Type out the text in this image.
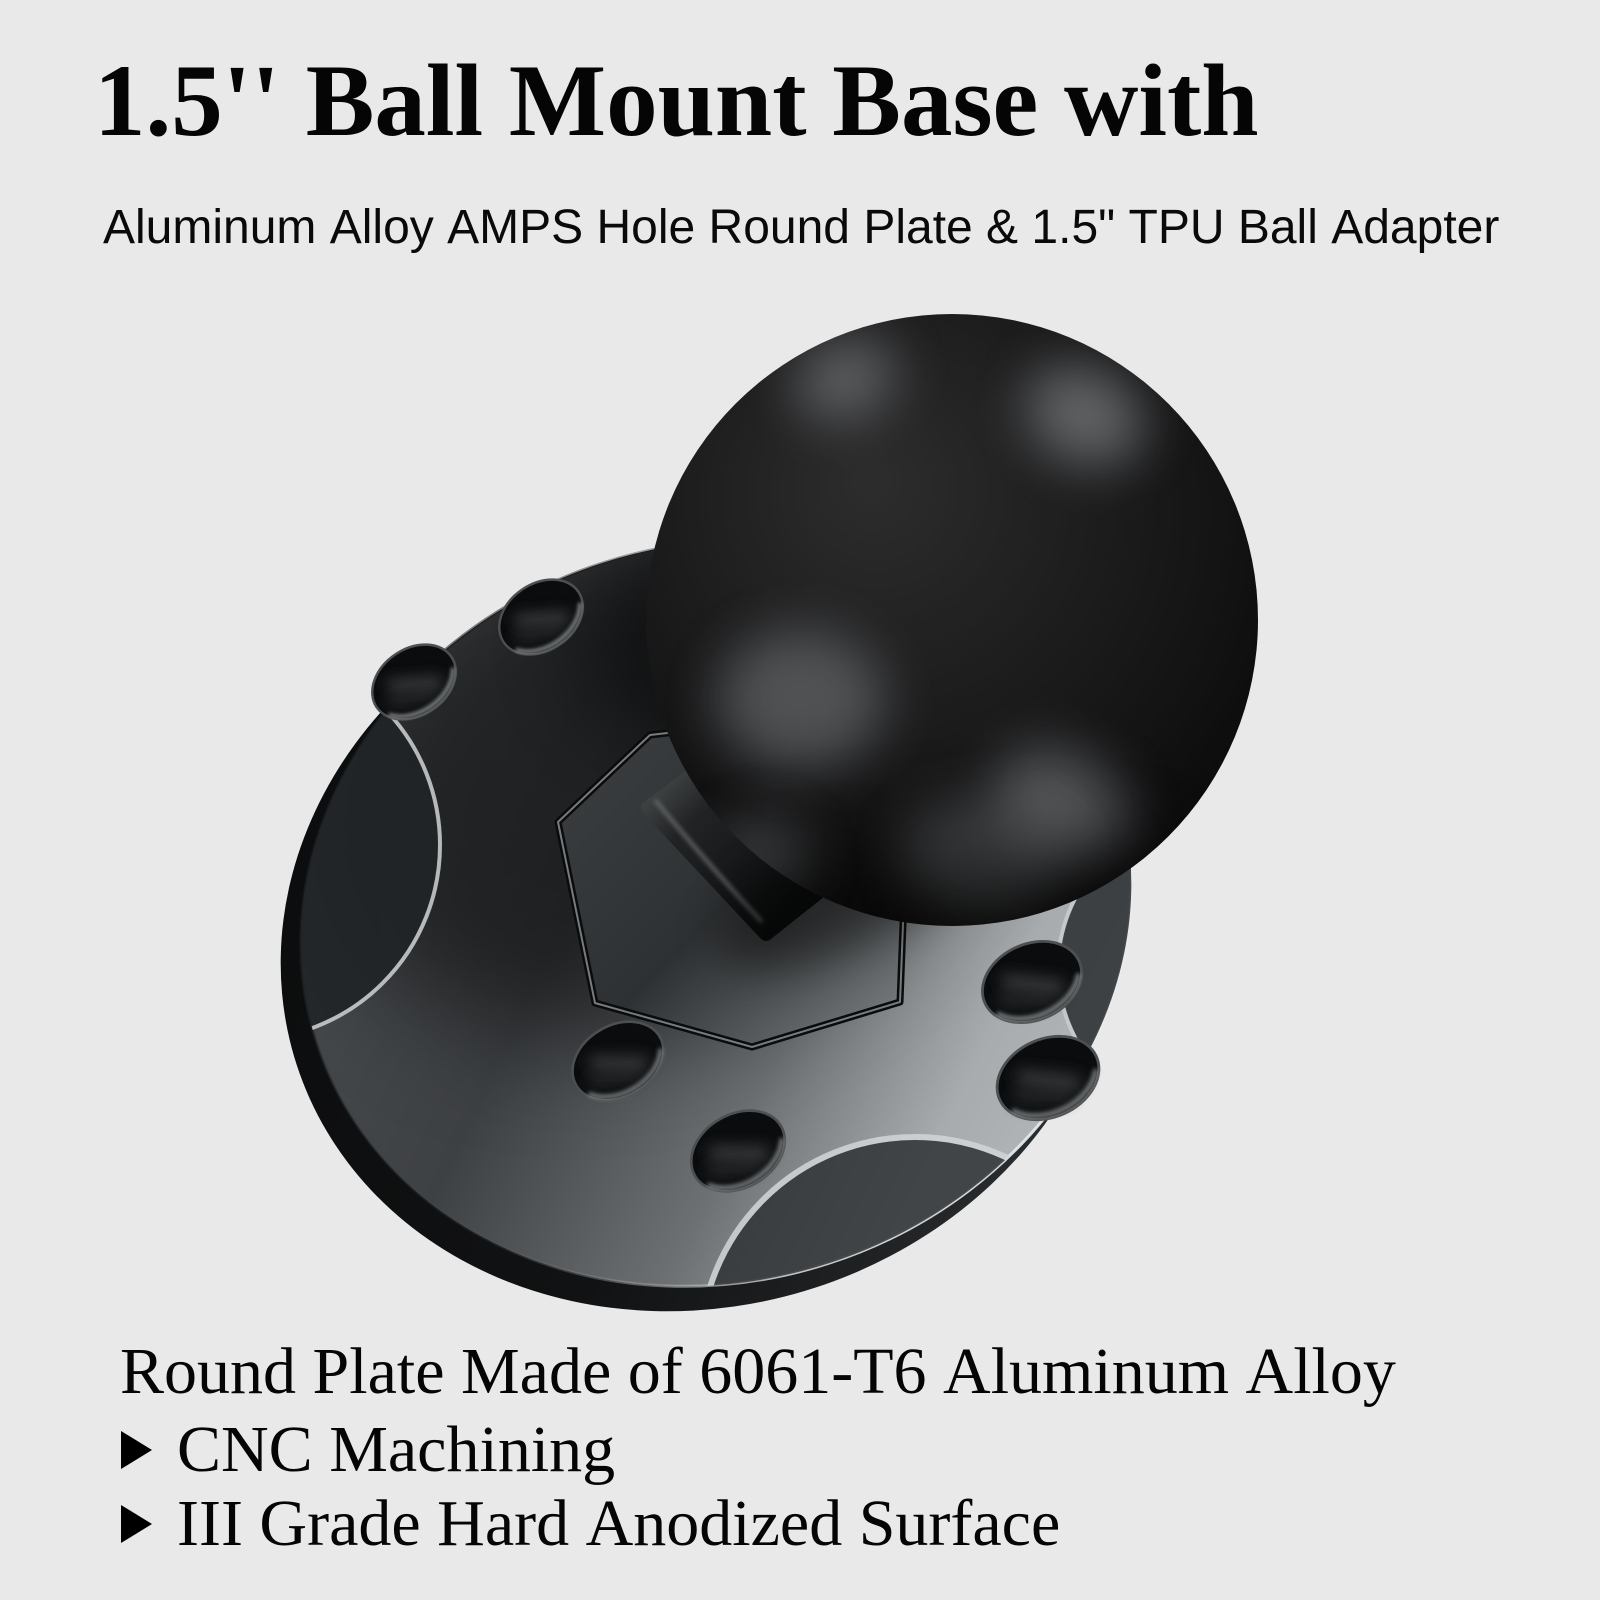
1.5'' Ball Mount Base with
Aluminum Alloy AMPS Hole Round Plate & 1.5" TPU Ball Adapter
Round Plate Made of 6061-T6 Aluminum Alloy
CNC Machining
III Grade Hard Anodized Surface
